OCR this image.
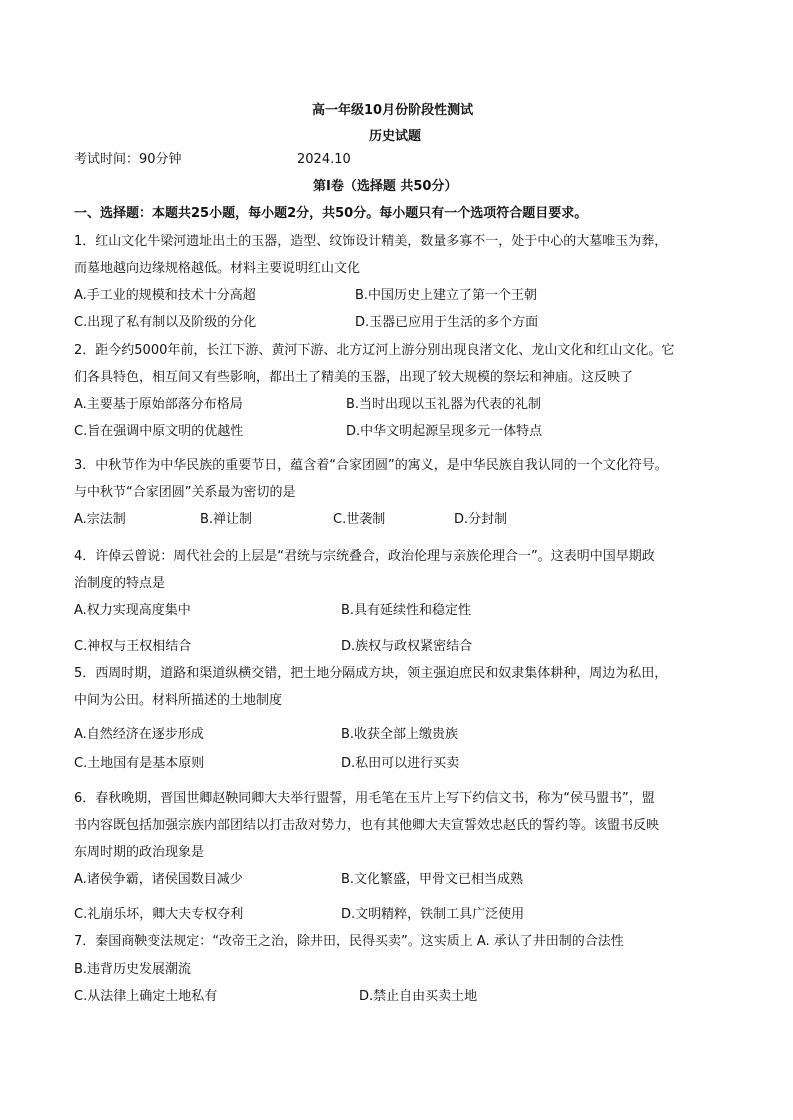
高一年级10月份阶段性测试
历史试题
考试时间：90分钟	2024.10
第Ⅰ卷（选择题 共50分）
一、选择题：本题共25小题，每小题2分，共50分。每小题只有一个选项符合题目要求。
1．红山文化牛梁河遗址出土的玉器，造型、纹饰设计精美，数量多寡不一，处于中心的大墓唯玉为葬，
而墓地越向边缘规格越低。材料主要说明红山文化
A.手工业的规模和技术十分高超	B.中国历史上建立了第一个王朝
C.出现了私有制以及阶级的分化	D.玉器已应用于生活的多个方面
2．距今约5000年前，长江下游、黄河下游、北方辽河上游分别出现良渚文化、龙山文化和红山文化。它
们各具特色，相互间又有些影响，都出土了精美的玉器，出现了较大规模的祭坛和神庙。这反映了
A.主要基于原始部落分布格局	B.当时出现以玉礼器为代表的礼制
C.旨在强调中原文明的优越性	D.中华文明起源呈现多元一体特点
3．中秋节作为中华民族的重要节日，蕴含着“合家团圆”的寓义，是中华民族自我认同的一个文化符号。
与中秋节“合家团圆”关系最为密切的是
A.宗法制	B.禅让制	C.世袭制	D.分封制
4．许倬云曾说：周代社会的上层是“君统与宗统叠合，政治伦理与亲族伦理合一”。这表明中国早期政
治制度的特点是
A.权力实现高度集中	B.具有延续性和稳定性
C.神权与王权相结合	D.族权与政权紧密结合
5．西周时期，道路和渠道纵横交错，把土地分隔成方块，领主强迫庶民和奴隶集体耕种，周边为私田，
中间为公田。材料所描述的土地制度
A.自然经济在逐步形成	B.收获全部上缴贵族
C.土地国有是基本原则	D.私田可以进行买卖
6．春秋晚期，晋国世卿赵鞅同卿大夫举行盟誓，用毛笔在玉片上写下约信文书，称为“侯马盟书”，盟
书内容既包括加强宗族内部团结以打击敌对势力，也有其他卿大夫宣誓效忠赵氏的誓约等。该盟书反映
东周时期的政治现象是
A.诸侯争霸，诸侯国数目减少	B.文化繁盛，甲骨文已相当成熟
C.礼崩乐坏，卿大夫专权夺利	D.文明精粹，铁制工具广泛使用
7．秦国商鞅变法规定：“改帝王之治，除井田，民得买卖”。这实质上 A. 承认了井田制的合法性
B.违背历史发展潮流
C.从法律上确定土地私有	D.禁止自由买卖土地
